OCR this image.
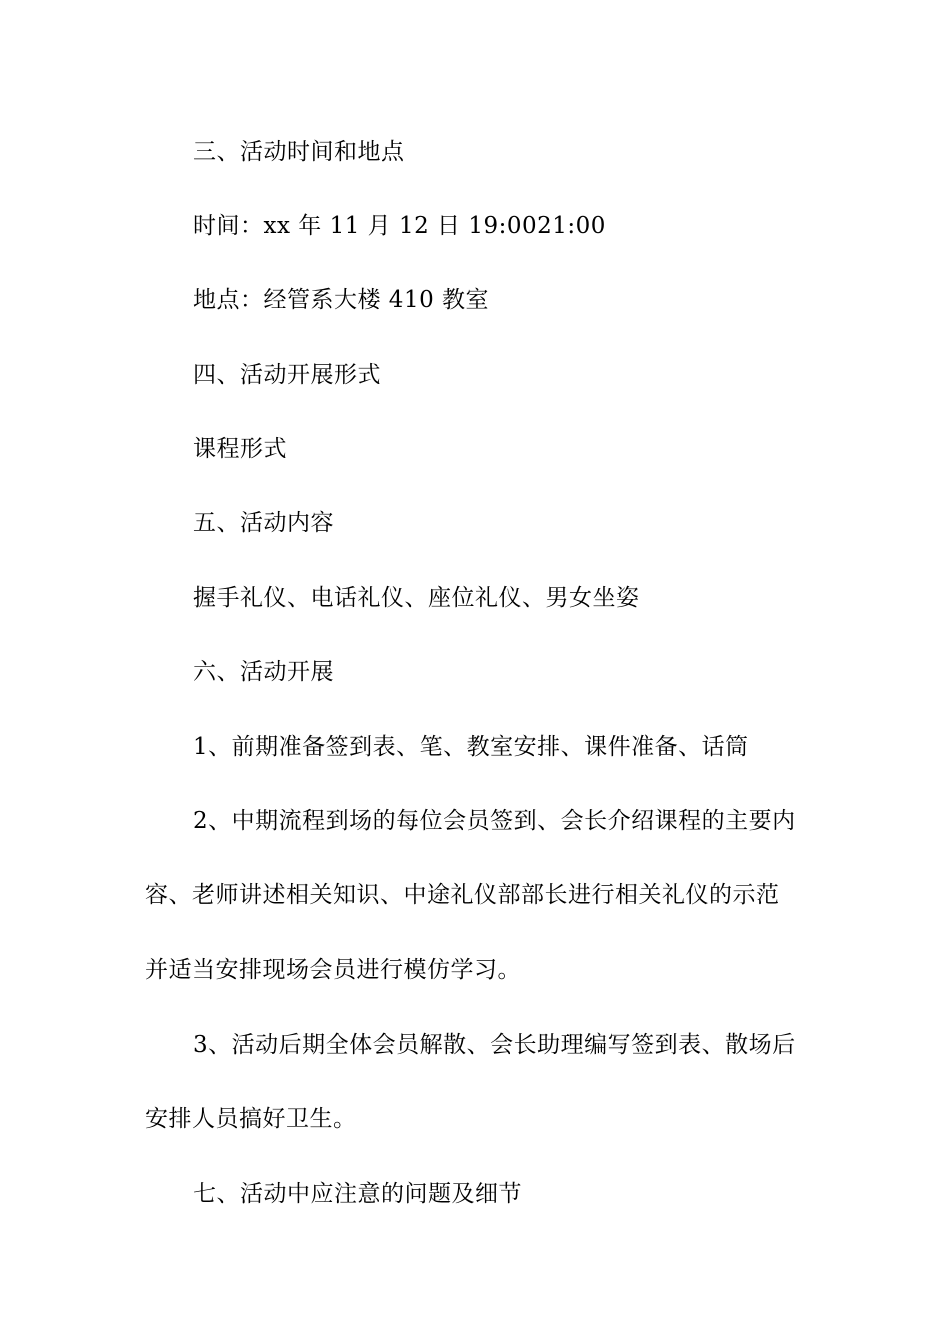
三、活动时间和地点
时间：xx 年 11 月 12 日 19:0021:00
地点：经管系大楼 410 教室
四、活动开展形式
课程形式
五、活动内容
握手礼仪、电话礼仪、座位礼仪、男女坐姿
六、活动开展
1、前期准备签到表、笔、教室安排、课件准备、话筒
2、中期流程到场的每位会员签到、会长介绍课程的主要内
容、老师讲述相关知识、中途礼仪部部长进行相关礼仪的示范
并适当安排现场会员进行模仿学习。
3、活动后期全体会员解散、会长助理编写签到表、散场后
安排人员搞好卫生。
七、活动中应注意的问题及细节
